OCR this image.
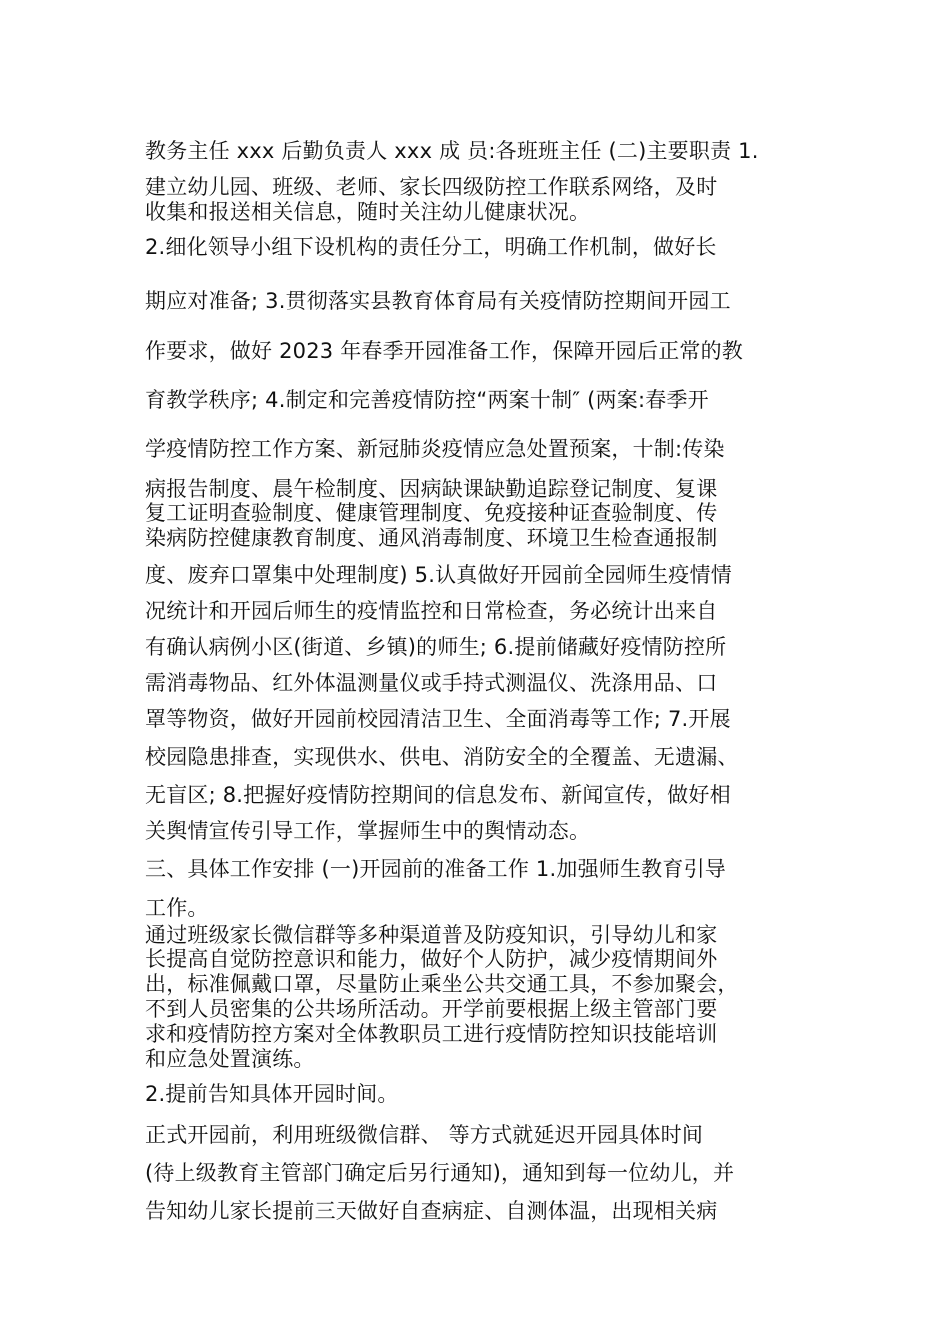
教务主任 xxx 后勤负责人 xxx 成 员:各班班主任 (二)主要职责 1.
建立幼儿园、班级、老师、家长四级防控工作联系网络，及时
收集和报送相关信息，随时关注幼儿健康状况。
2.细化领导小组下设机构的责任分工，明确工作机制，做好长
期应对准备; 3.贯彻落实县教育体育局有关疫情防控期间开园工
作要求，做好 2023 年春季开园准备工作，保障开园后正常的教
育教学秩序; 4.制定和完善疫情防控“两案十制″ (两案:春季开
学疫情防控工作方案、新冠肺炎疫情应急处置预案，十制:传染
病报告制度、晨午检制度、因病缺课缺勤追踪登记制度、复课
复工证明查验制度、健康管理制度、免疫接种证查验制度、传
染病防控健康教育制度、通风消毒制度、环境卫生检查通报制
度、废弃口罩集中处理制度) 5.认真做好开园前全园师生疫情情
况统计和开园后师生的疫情监控和日常检查，务必统计出来自
有确认病例小区(街道、乡镇)的师生; 6.提前储藏好疫情防控所
需消毒物品、红外体温测量仪或手持式测温仪、洗涤用品、口
罩等物资，做好开园前校园清洁卫生、全面消毒等工作; 7.开展
校园隐患排查，实现供水、供电、消防安全的全覆盖、无遗漏、
无盲区; 8.把握好疫情防控期间的信息发布、新闻宣传，做好相
关舆情宣传引导工作，掌握师生中的舆情动态。
三、具体工作安排 (一)开园前的准备工作 1.加强师生教育引导
工作。
通过班级家长微信群等多种渠道普及防疫知识，引导幼儿和家
长提高自觉防控意识和能力，做好个人防护，减少疫情期间外
出，标准佩戴口罩，尽量防止乘坐公共交通工具，不参加聚会，
不到人员密集的公共场所活动。开学前要根据上级主管部门要
求和疫情防控方案对全体教职员工进行疫情防控知识技能培训
和应急处置演练。
2.提前告知具体开园时间。
正式开园前，利用班级微信群、 等方式就延迟开园具体时间
(待上级教育主管部门确定后另行通知)，通知到每一位幼儿，并
告知幼儿家长提前三天做好自查病症、自测体温，出现相关病
